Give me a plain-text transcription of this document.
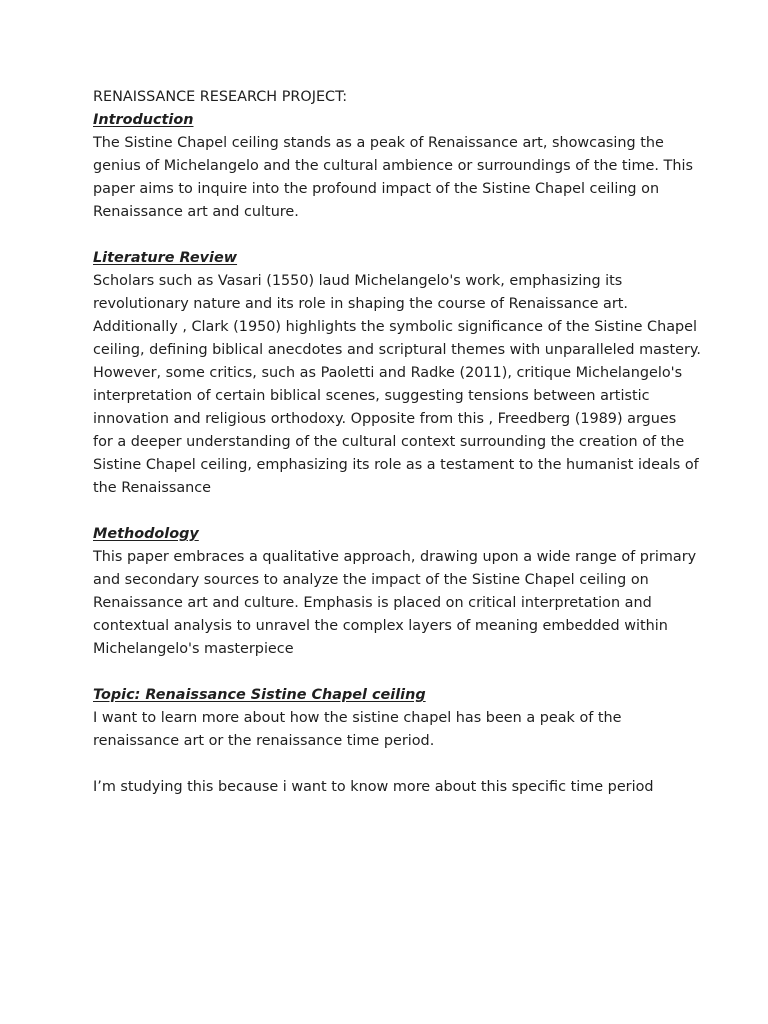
RENAISSANCE RESEARCH PROJECT:

Introduction

The Sistine Chapel ceiling stands as a peak of Renaissance art, showcasing the

genius of Michelangelo and the cultural ambience or surroundings of the time. This

paper aims to inquire into the profound impact of the Sistine Chapel ceiling on

Renaissance art and culture.

Literature Review

Scholars such as Vasari (1550) laud Michelangelo's work, emphasizing its

revolutionary nature and its role in shaping the course of Renaissance art.

Additionally , Clark (1950) highlights the symbolic significance of the Sistine Chapel

ceiling, defining biblical anecdotes and scriptural themes with unparalleled mastery.

However, some critics, such as Paoletti and Radke (2011), critique Michelangelo's

interpretation of certain biblical scenes, suggesting tensions between artistic

innovation and religious orthodoxy. Opposite from this , Freedberg (1989) argues

for a deeper understanding of the cultural context surrounding the creation of the

Sistine Chapel ceiling, emphasizing its role as a testament to the humanist ideals of

the Renaissance

Methodology

This paper embraces a qualitative approach, drawing upon a wide range of primary

and secondary sources to analyze the impact of the Sistine Chapel ceiling on

Renaissance art and culture. Emphasis is placed on critical interpretation and

contextual analysis to unravel the complex layers of meaning embedded within

Michelangelo's masterpiece

Topic: Renaissance Sistine Chapel ceiling

I want to learn more about how the sistine chapel has been a peak of the

renaissance art or the renaissance time period.

I’m studying this because i want to know more about this specific time period
